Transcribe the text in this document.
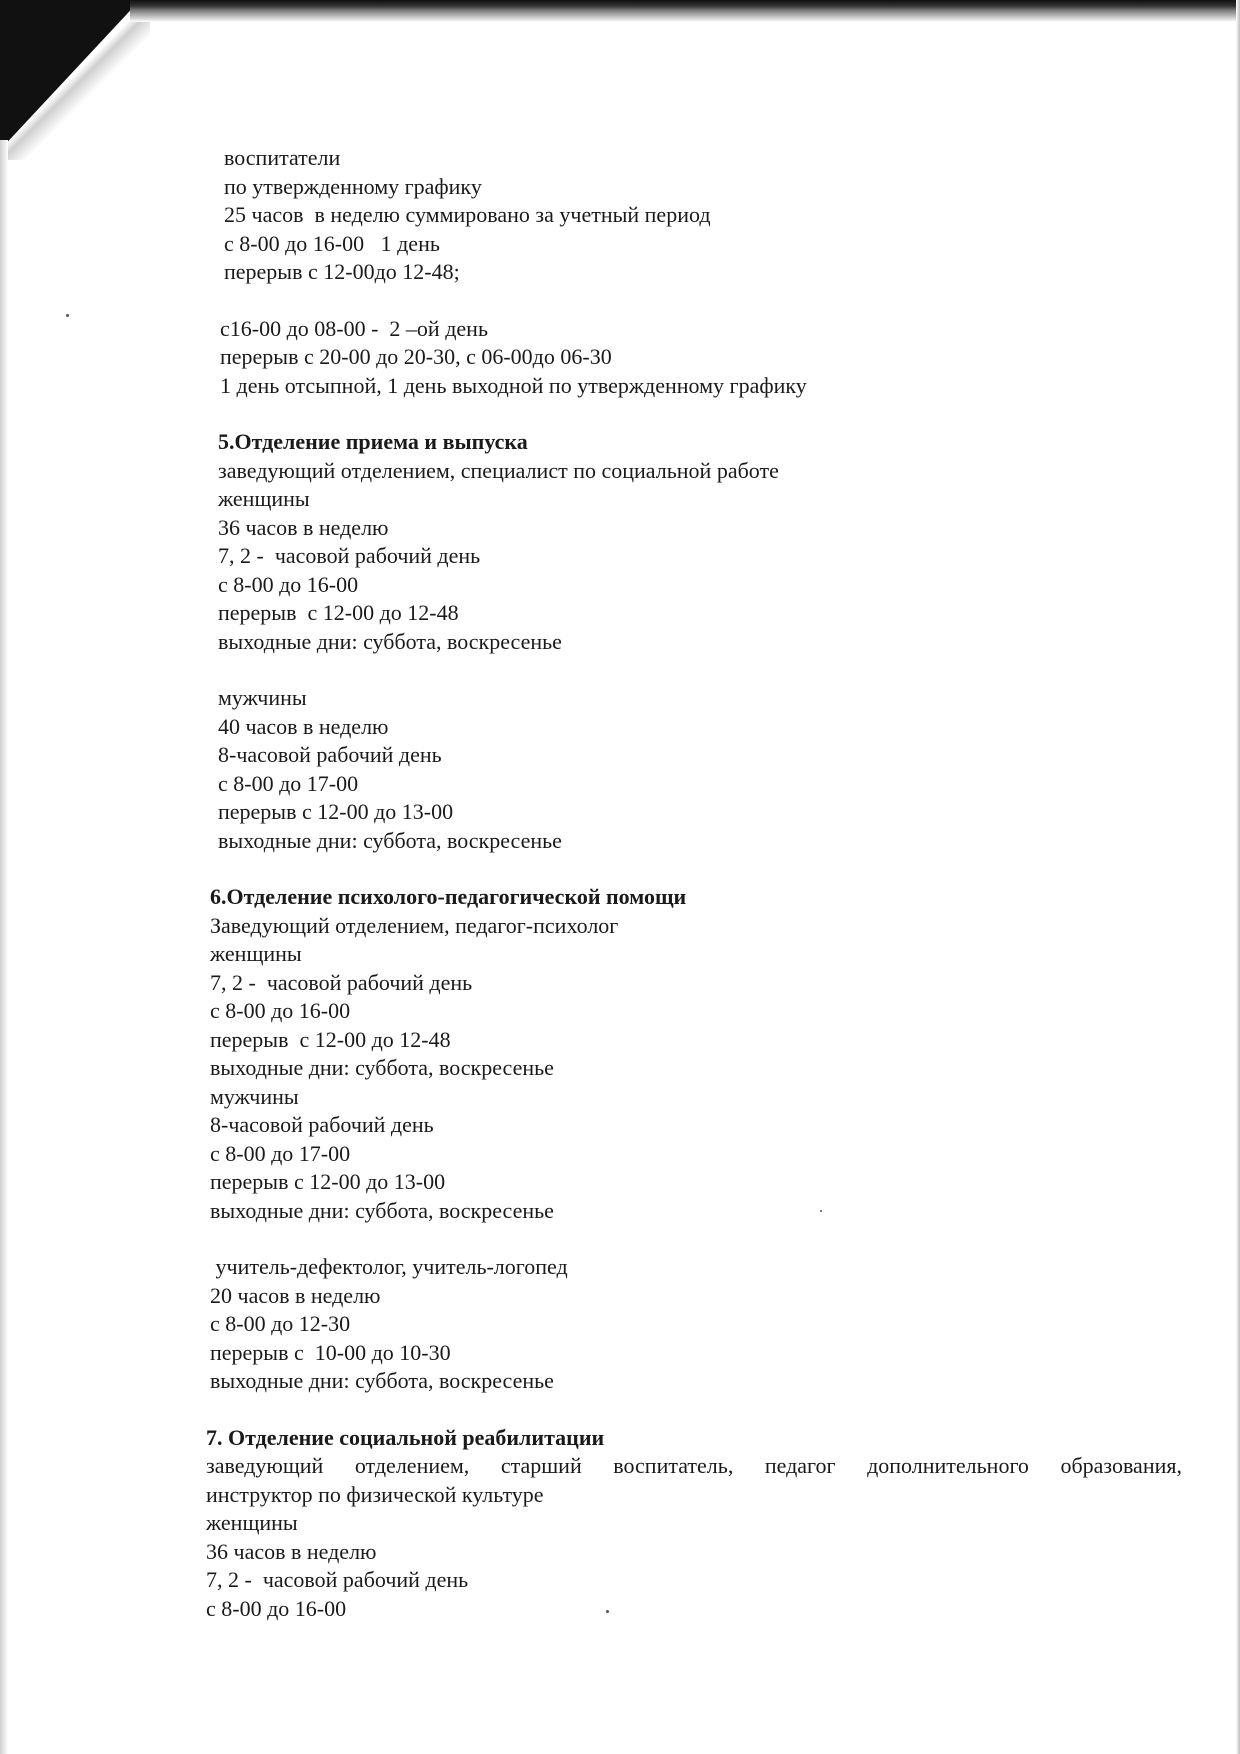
воспитатели
по утвержденному графику
25 часов  в неделю суммировано за учетный период
с 8-00 до 16-00   1 день
перерыв с 12-00до 12-48;
с16-00 до 08-00 -  2 –ой день
перерыв с 20-00 до 20-30, с 06-00до 06-30
1 день отсыпной, 1 день выходной по утвержденному графику
5.Отделение приема и выпуска
заведующий отделением, специалист по социальной работе
женщины
36 часов в неделю
7, 2 -  часовой рабочий день
с 8-00 до 16-00
перерыв  с 12-00 до 12-48
выходные дни: суббота, воскресенье
мужчины
40 часов в неделю
8-часовой рабочий день
с 8-00 до 17-00
перерыв с 12-00 до 13-00
выходные дни: суббота, воскресенье
6.Отделение психолого-педагогической помощи
Заведующий отделением, педагог-психолог
женщины
7, 2 -  часовой рабочий день
с 8-00 до 16-00
перерыв  с 12-00 до 12-48
выходные дни: суббота, воскресенье
мужчины
8-часовой рабочий день
с 8-00 до 17-00
перерыв с 12-00 до 13-00
выходные дни: суббота, воскресенье
учитель-дефектолог, учитель-логопед
20 часов в неделю
с 8-00 до 12-30
перерыв с  10-00 до 10-30
выходные дни: суббота, воскресенье
7. Отделение социальной реабилитации
заведующий отделением, старший воспитатель, педагог дополнительного образования,
инструктор по физической культуре
женщины
36 часов в неделю
7, 2 -  часовой рабочий день
с 8-00 до 16-00
